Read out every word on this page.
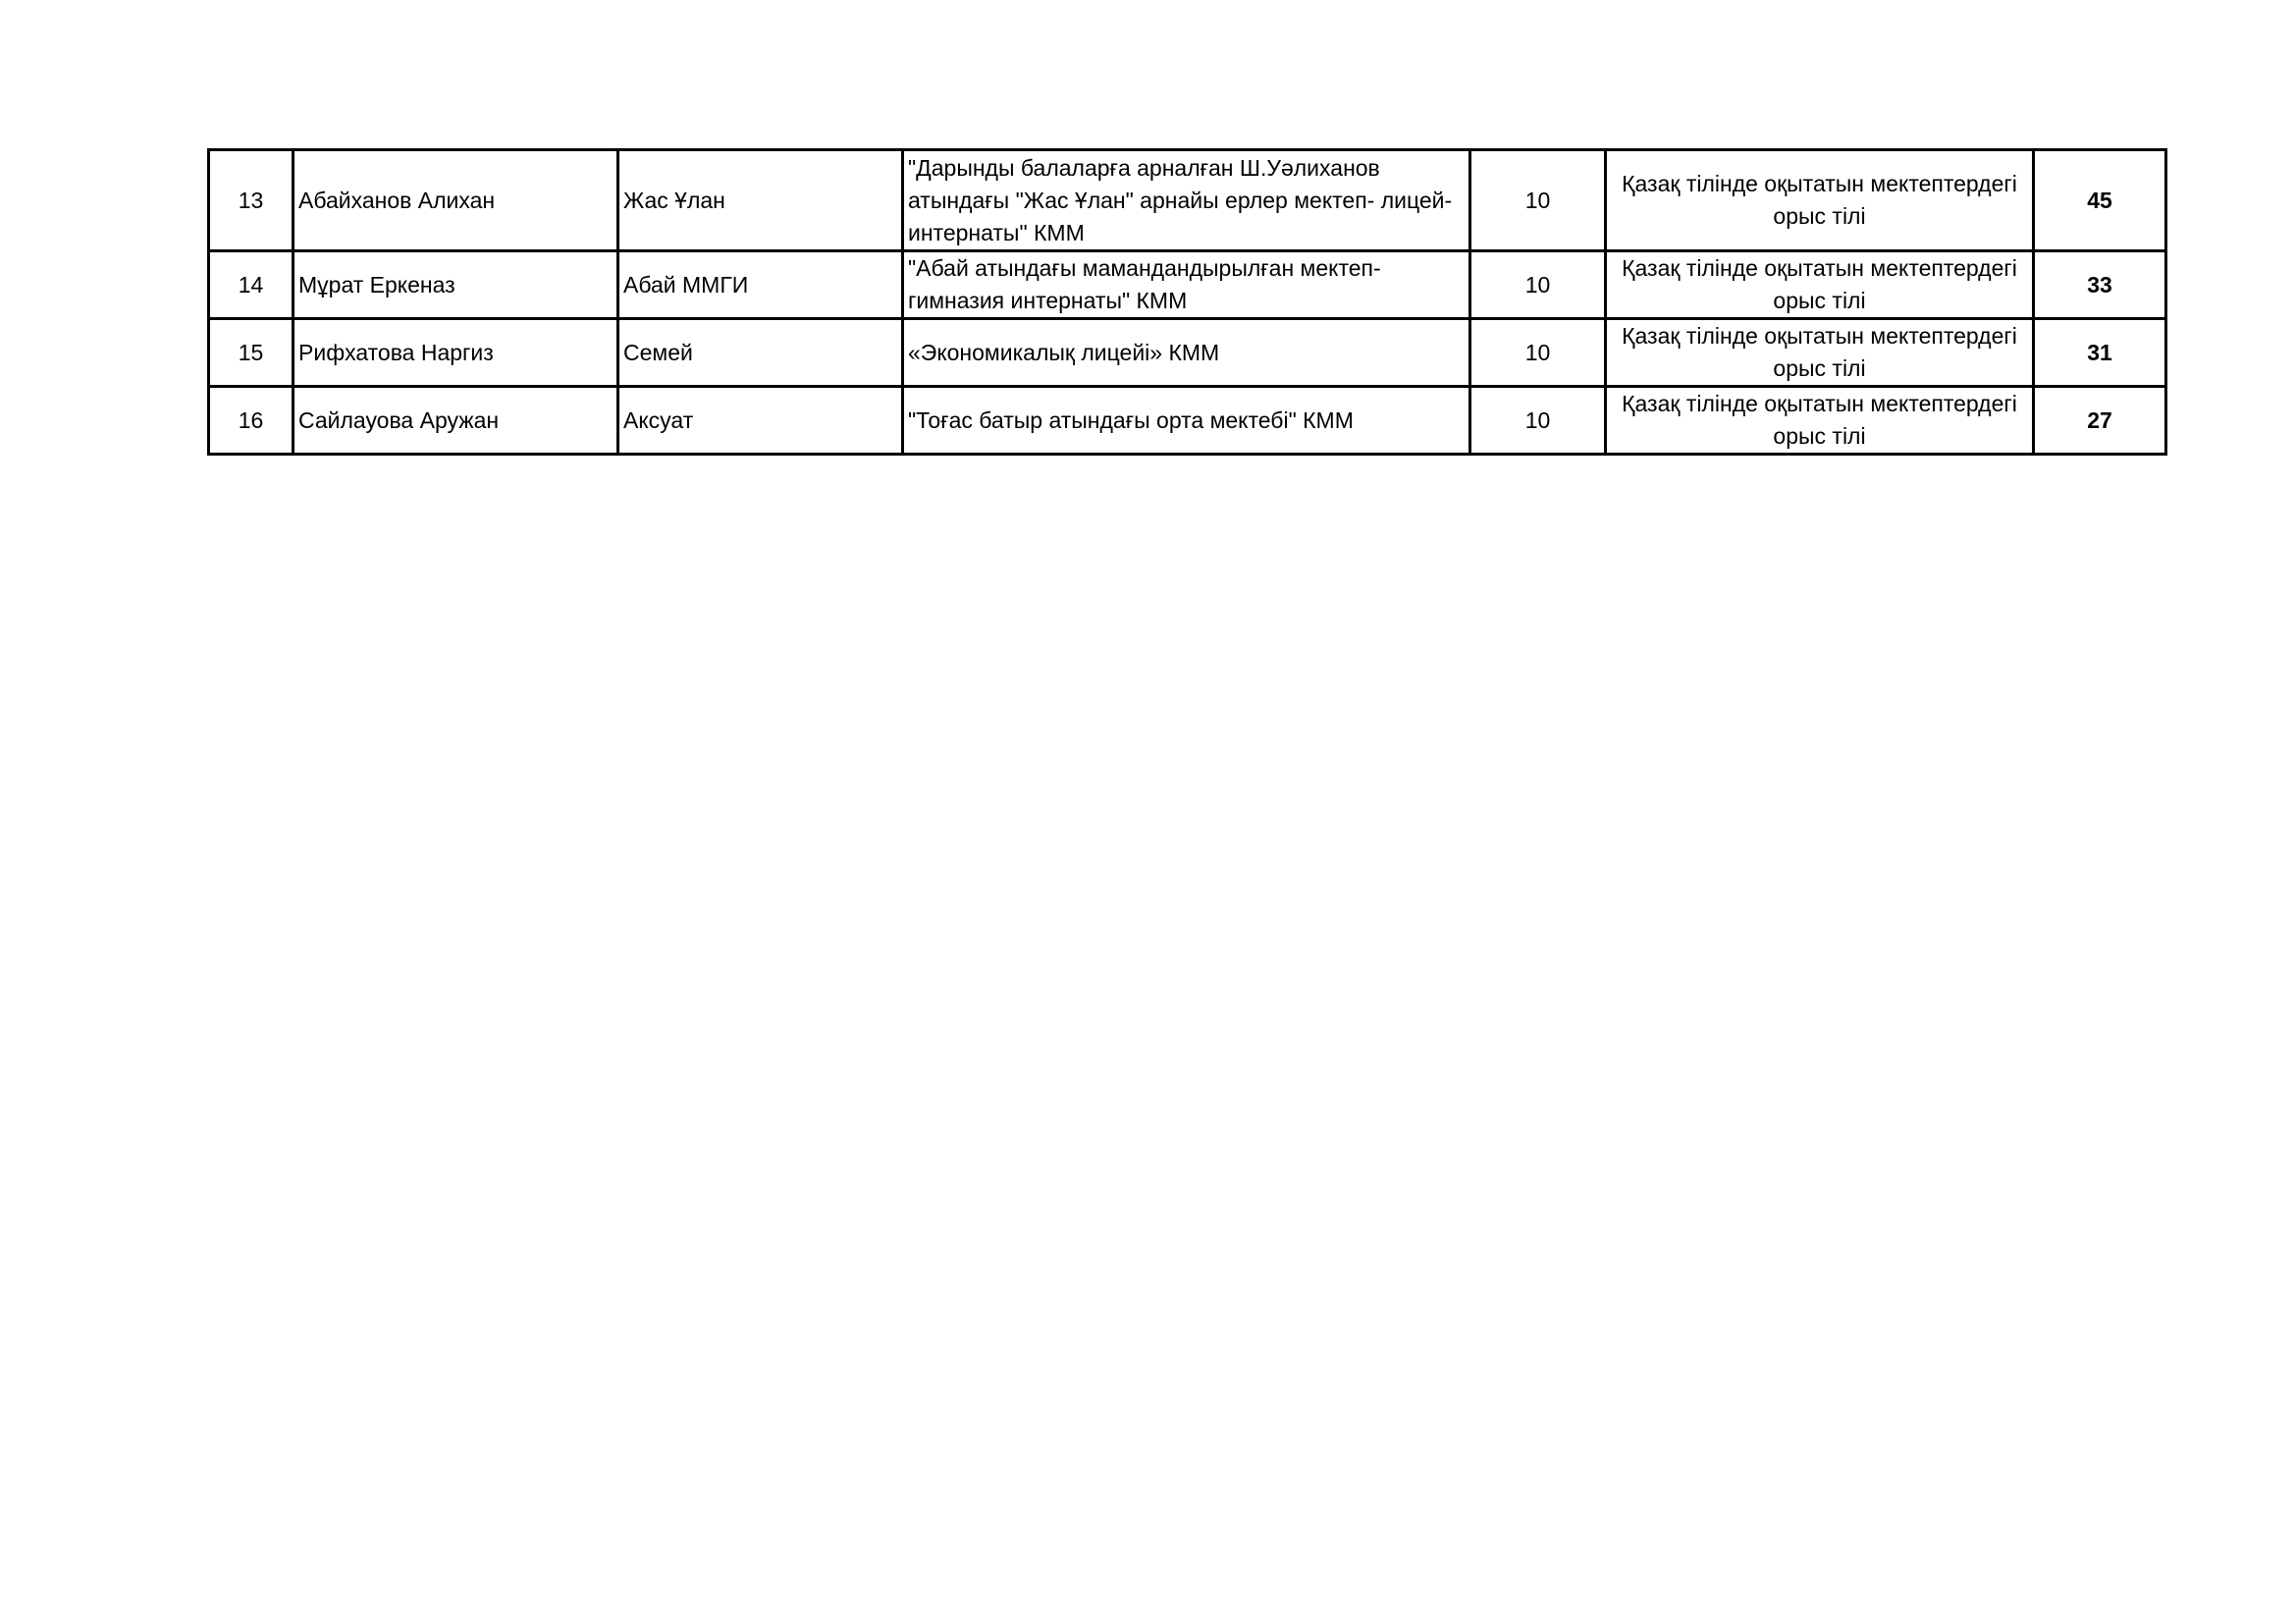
13	Абайханов Алихан	Жас Ұлан	"Дарынды балаларға арналған Ш.Уәлиханов атындағы "Жас Ұлан" арнайы ерлер мектеп- лицей-интернаты" КММ	10	Қазақ тілінде оқытатын мектептердегі орыс тілі	45
14	Мұрат Еркеназ	Абай ММГИ	"Абай атындағы мамандандырылған мектеп-гимназия интернаты" КММ	10	Қазақ тілінде оқытатын мектептердегі орыс тілі	33
15	Рифхатова Наргиз	Семей	«Экономикалық лицейі» КММ	10	Қазақ тілінде оқытатын мектептердегі орыс тілі	31
16	Сайлауова Аружан	Аксуат	"Тоғас батыр атындағы орта мектебі" КММ	10	Қазақ тілінде оқытатын мектептердегі орыс тілі	27
